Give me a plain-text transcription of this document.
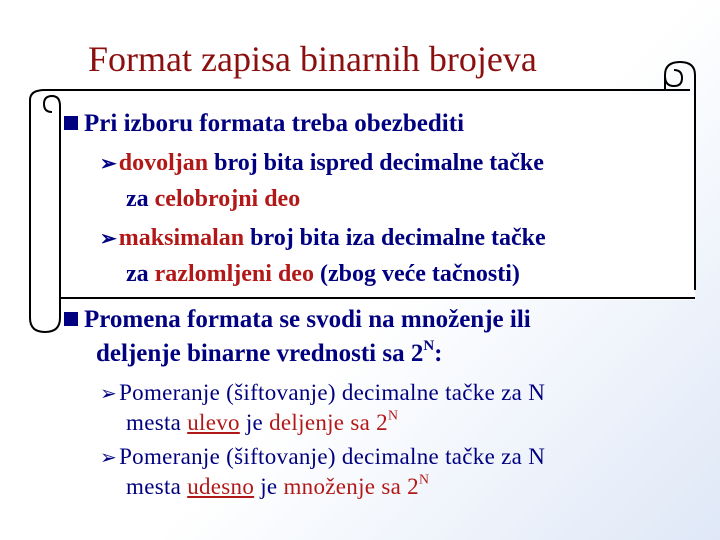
Format zapisa binarnih brojeva
Pri izboru formata treba obezbediti
➢dovoljan broj bita ispred decimalne tačke
za celobrojni deo
➢maksimalan broj bita iza decimalne tačke
za razlomljeni deo (zbog veće tačnosti)
Promena formata se svodi na množenje ili
deljenje binarne vrednosti sa $2^N$:
➢Pomeranje (šiftovanje) decimalne tačke za N
mesta ulevo je deljenje sa $2^N$
➢Pomeranje (šiftovanje) decimalne tačke za N
mesta udesno je množenje sa $2^N$
